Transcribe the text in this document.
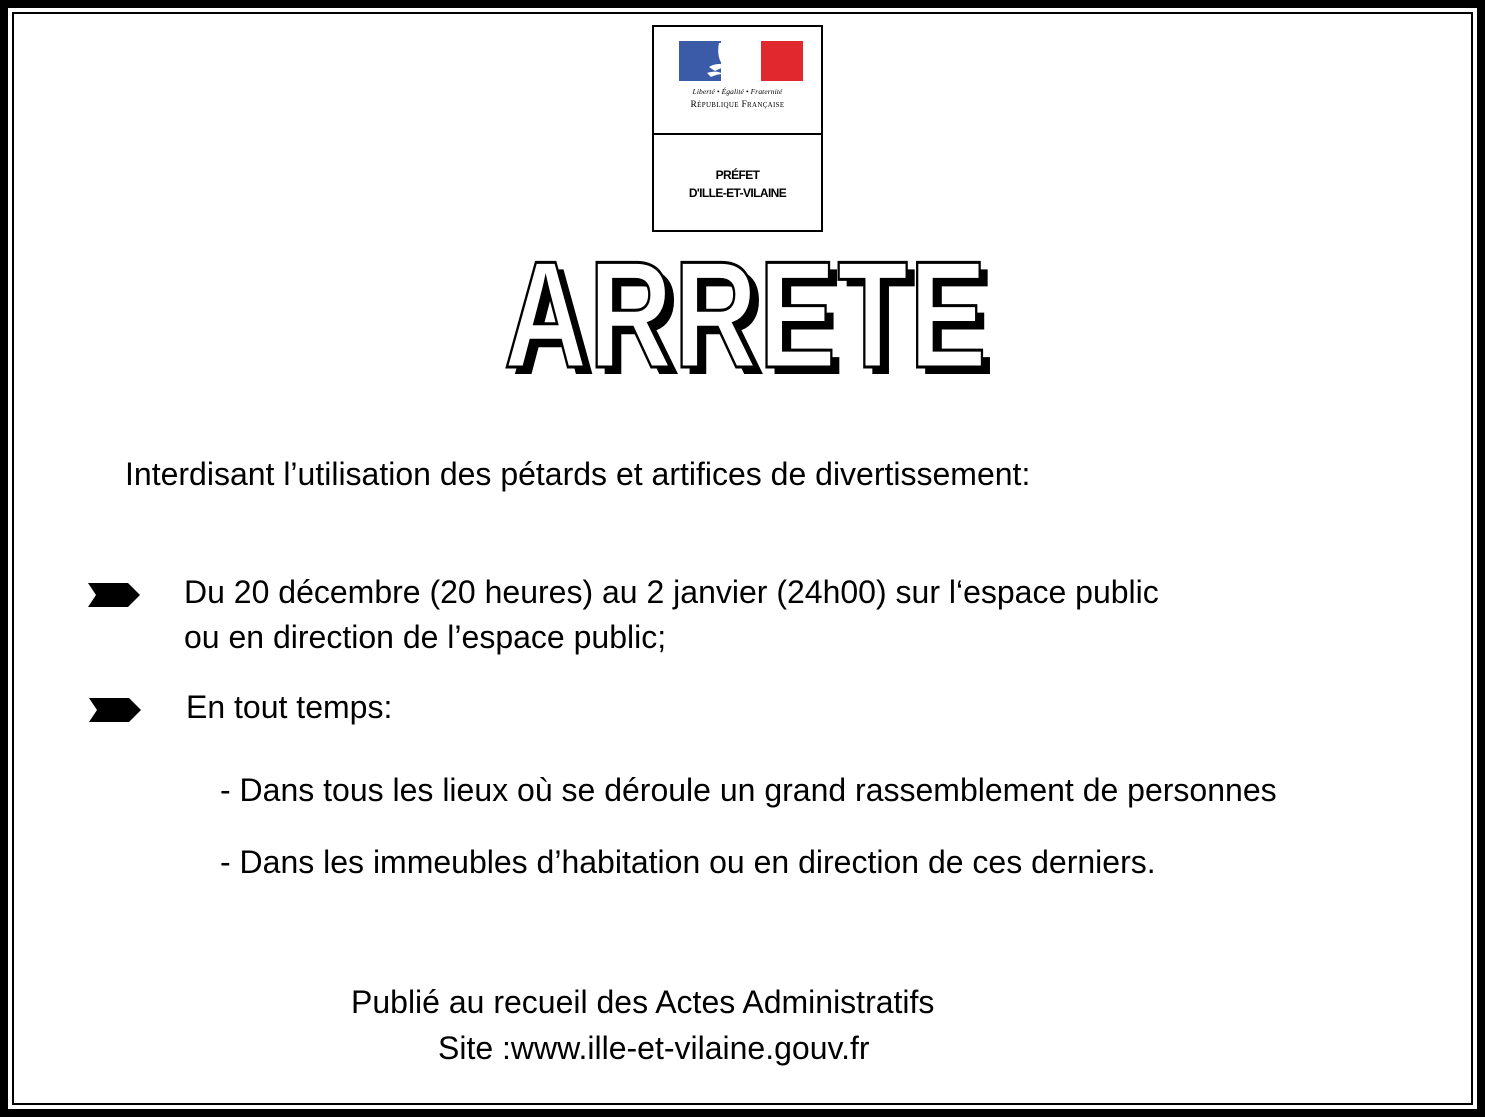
Liberté • Égalité • Fraternité
République Française
PRÉFET
D'ILLE-ET-VILAINE
ARRETE
ARRETE
Interdisant l’utilisation des pétards et artifices de divertissement:
Du 20 décembre (20 heures) au 2 janvier (24h00) sur l‘espace public
ou en direction de l’espace public;
En tout temps:
- Dans tous les lieux où se déroule un grand rassemblement de personnes
- Dans les immeubles d’habitation ou en direction de ces derniers.
Publié au recueil des Actes Administratifs
Site :www.ille-et-vilaine.gouv.fr
